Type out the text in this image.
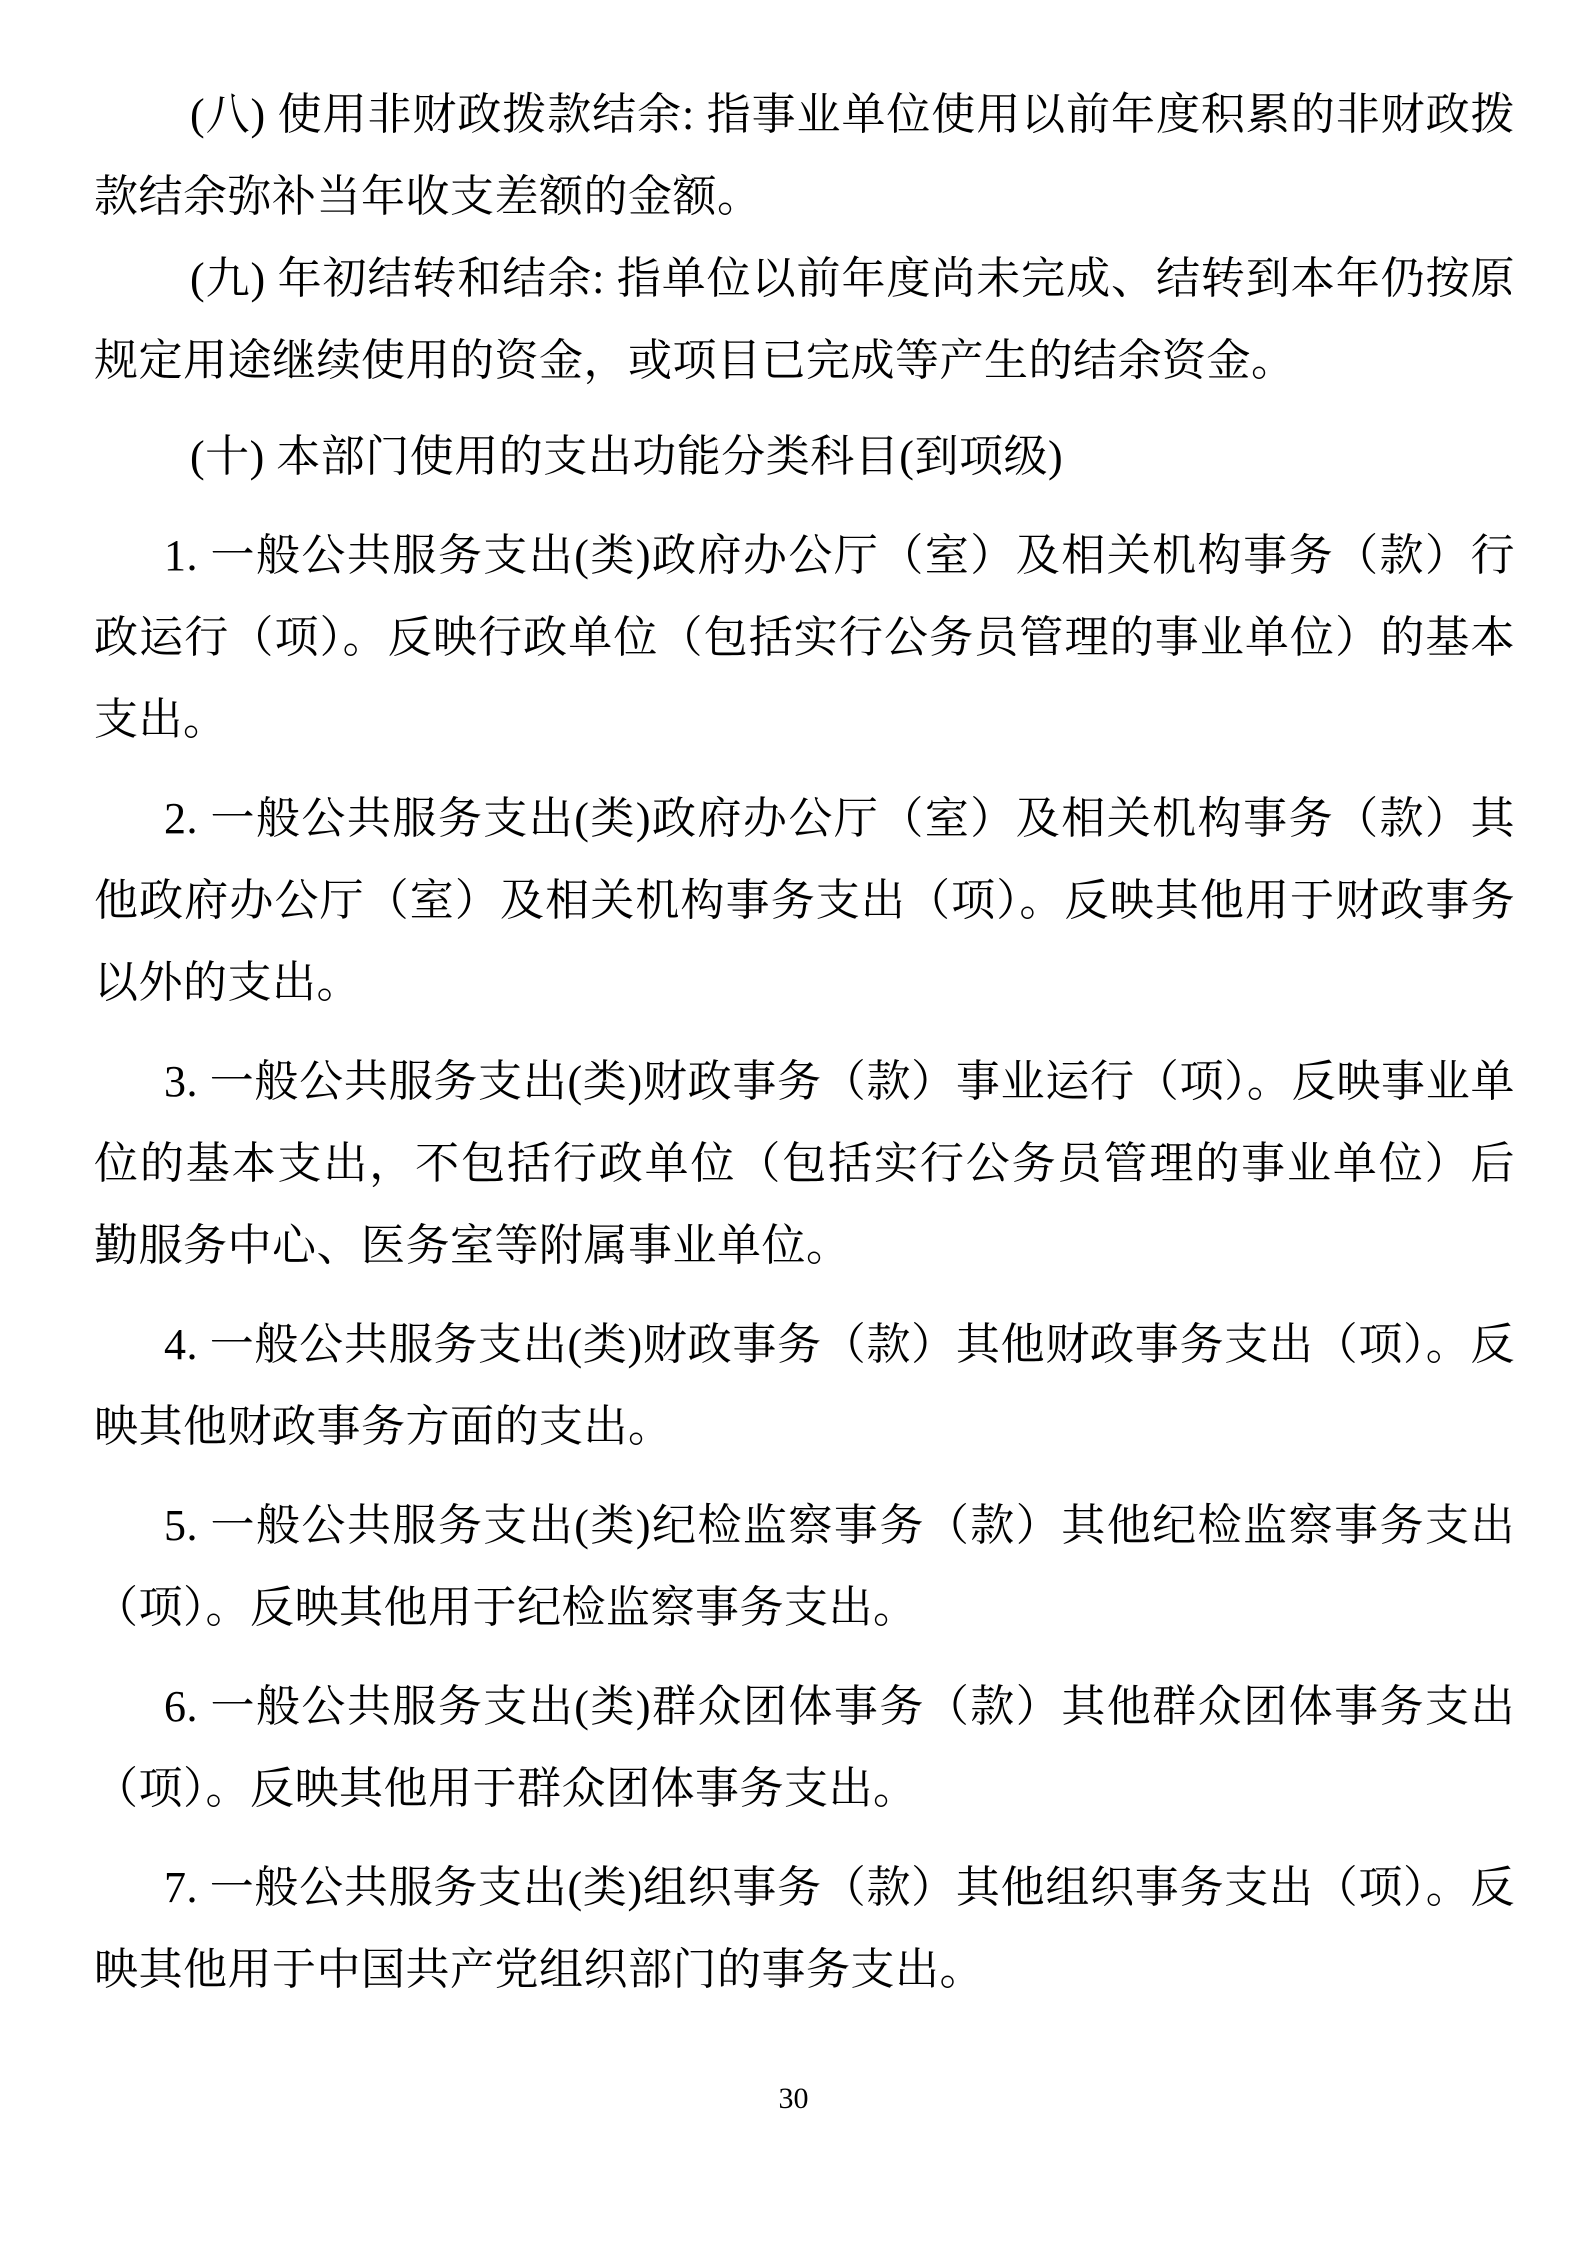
(八) 使用非财政拨款结余: 指事业单位使用以前年度积累的非财政拨款结余弥补当年收支差额的金额。

(九) 年初结转和结余: 指单位以前年度尚未完成、结转到本年仍按原规定用途继续使用的资金，或项目已完成等产生的结余资金。

(十) 本部门使用的支出功能分类科目(到项级)

1. 一般公共服务支出(类)政府办公厅（室）及相关机构事务（款）行政运行（项）。反映行政单位（包括实行公务员管理的事业单位）的基本支出。

2. 一般公共服务支出(类)政府办公厅（室）及相关机构事务（款）其他政府办公厅（室）及相关机构事务支出（项）。反映其他用于财政事务以外的支出。

3. 一般公共服务支出(类)财政事务（款）事业运行（项）。反映事业单位的基本支出，不包括行政单位（包括实行公务员管理的事业单位）后勤服务中心、医务室等附属事业单位。

4. 一般公共服务支出(类)财政事务（款）其他财政事务支出（项）。反映其他财政事务方面的支出。

5. 一般公共服务支出(类)纪检监察事务（款）其他纪检监察事务支出（项）。反映其他用于纪检监察事务支出。

6. 一般公共服务支出(类)群众团体事务（款）其他群众团体事务支出（项）。反映其他用于群众团体事务支出。

7. 一般公共服务支出(类)组织事务（款）其他组织事务支出（项）。反映其他用于中国共产党组织部门的事务支出。

30
